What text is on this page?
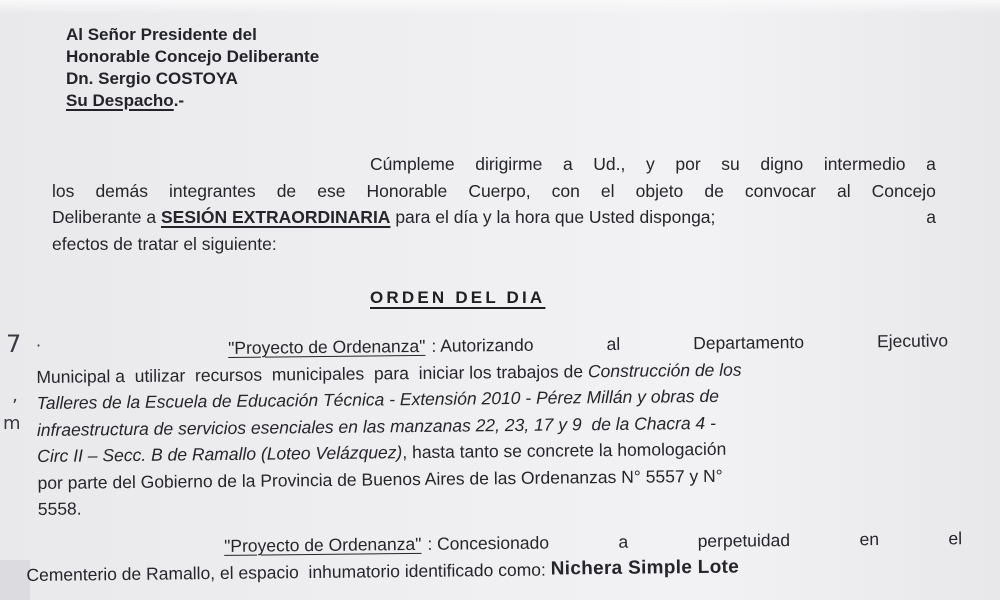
Al Señor Presidente del
Honorable Concejo Deliberante
Dn. Sergio COSTOYA
Su Despacho.-
Cúmpleme dirigirme a Ud., y por su digno intermedio a
los demás integrantes de ese Honorable Cuerpo, con el objeto de convocar al Concejo
Deliberante a SESIÓN EXTRAORDINARIA para el día y la hora que Usted disponga;	a
efectos de tratar el siguiente:
ORDEN DEL DIA
"Proyecto de Ordenanza" : Autorizando	al	Departamento	Ejecutivo
Municipal a  utilizar  recursos  municipales  para  iniciar los trabajos de
Construcción de los
Talleres de la Escuela de Educación Técnica - Extensión 2010 - Pérez Millán y obras de
infraestructura de servicios esenciales en las manzanas 22, 23, 17 y 9  de la Chacra 4 -
Circ II – Secc. B de Ramallo (Loteo Velázquez) , hasta tanto se concrete la homologación
por parte del Gobierno de la Provincia de Buenos Aires de las Ordenanzas N° 5557 y N°
5558.
"Proyecto de Ordenanza" : Concesionado	a	perpetuidad	en	el
Cementerio de Ramallo, el espacio  inhumatorio identificado como:
Nichera Simple Lote
7 ·
ʼ
m
